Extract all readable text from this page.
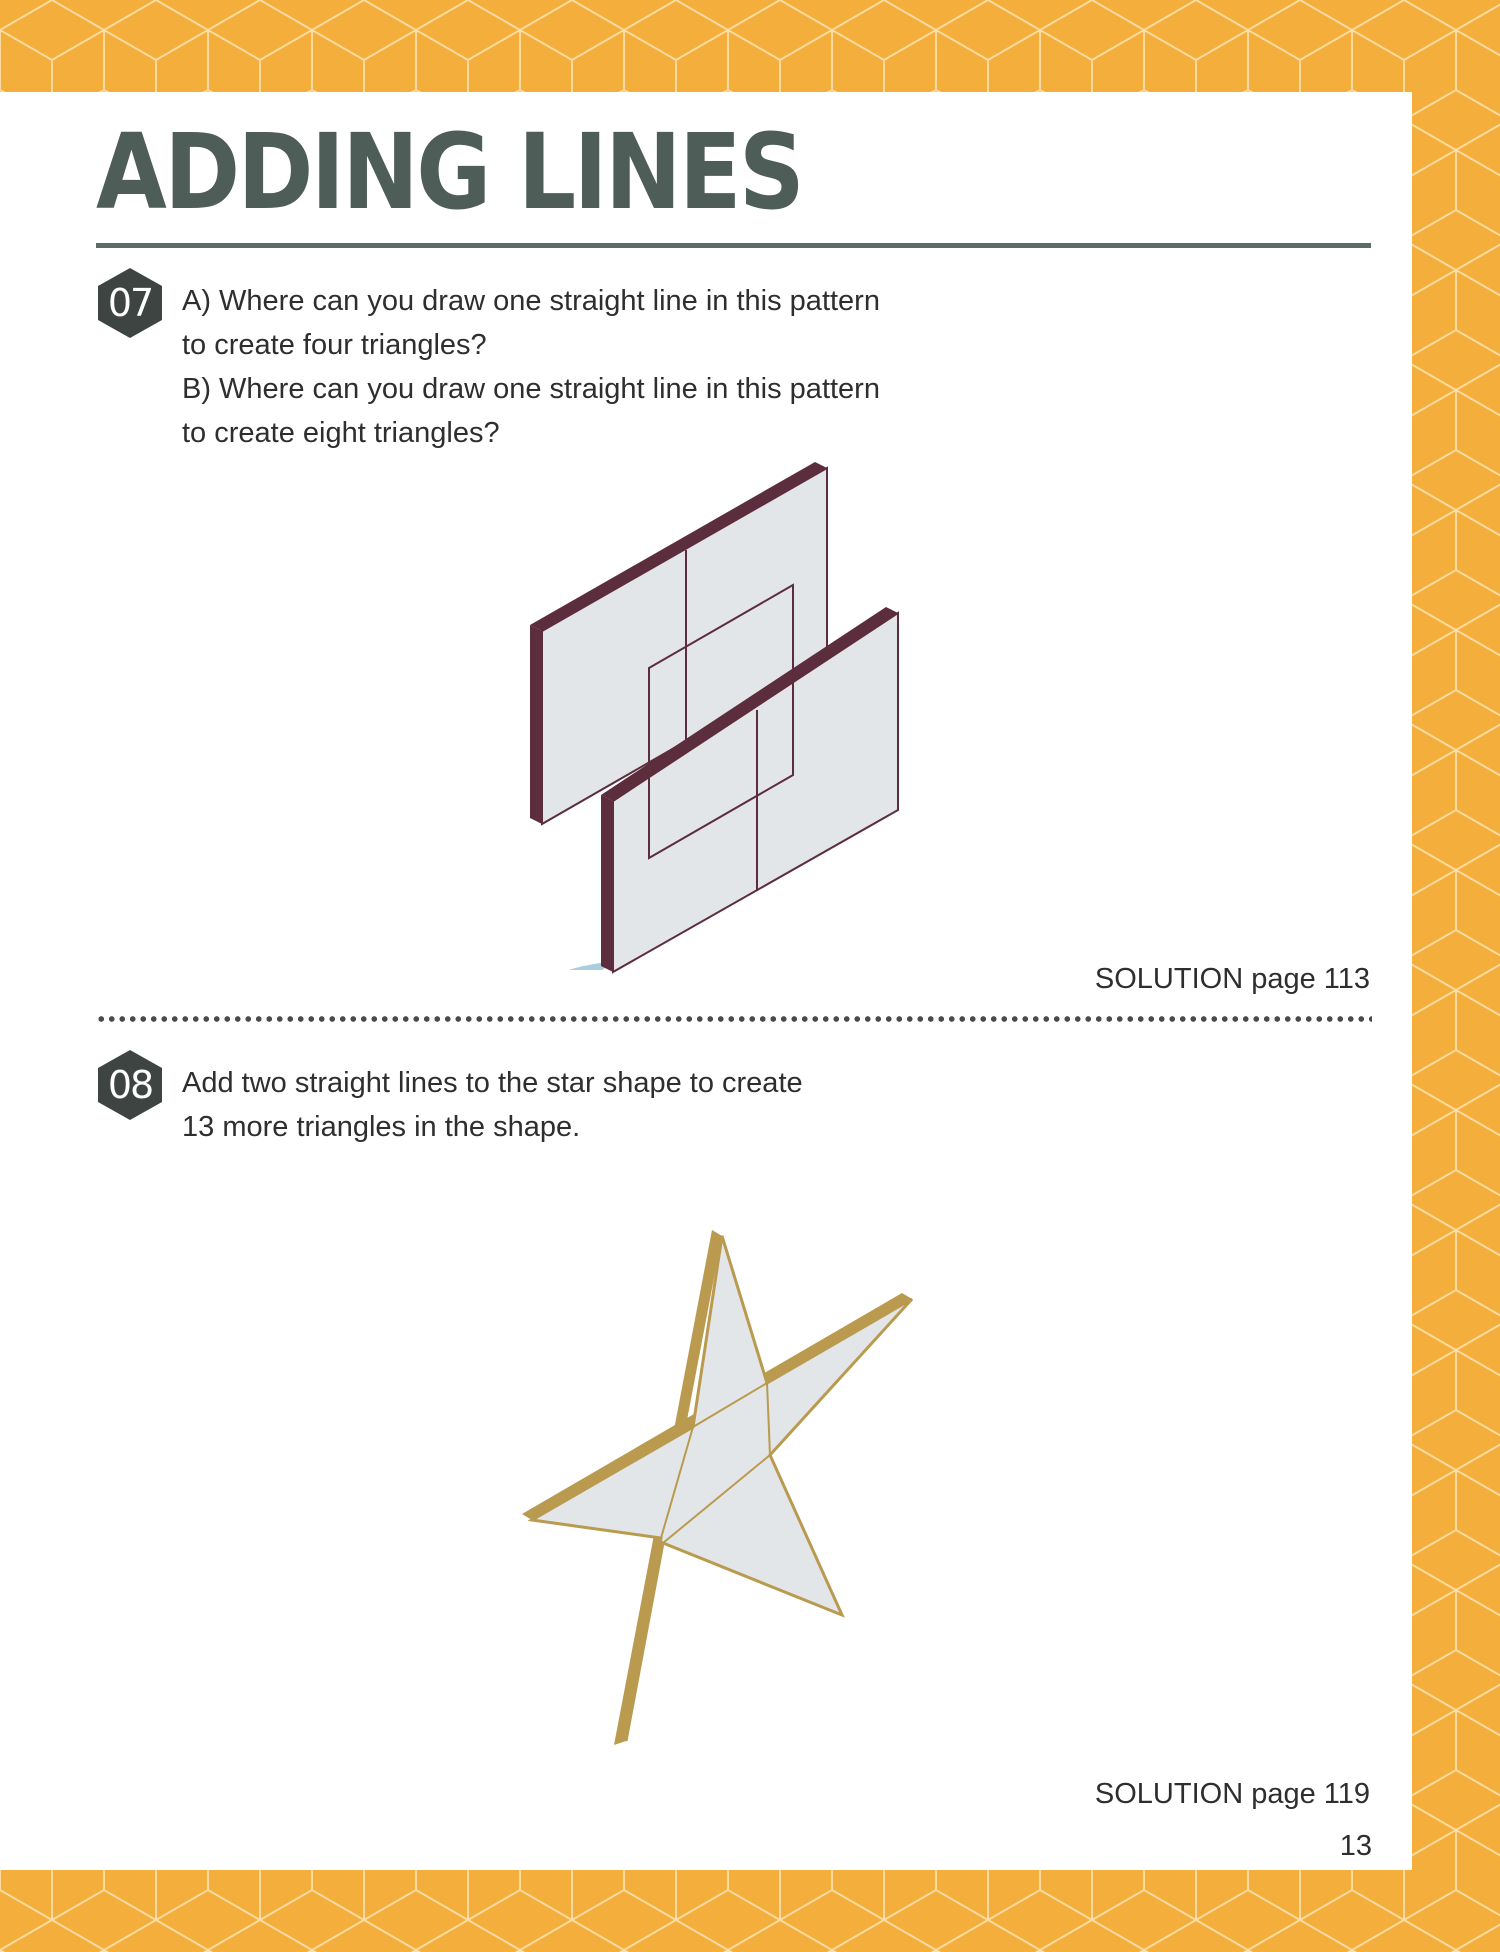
ADDING LINES
07	A) Where can you draw one straight line in this pattern
to create four triangles?
B) Where can you draw one straight line in this pattern
to create eight triangles?
SOLUTION page 113
08	Add two straight lines to the star shape to create
13 more triangles in the shape.
SOLUTION page 119
13
